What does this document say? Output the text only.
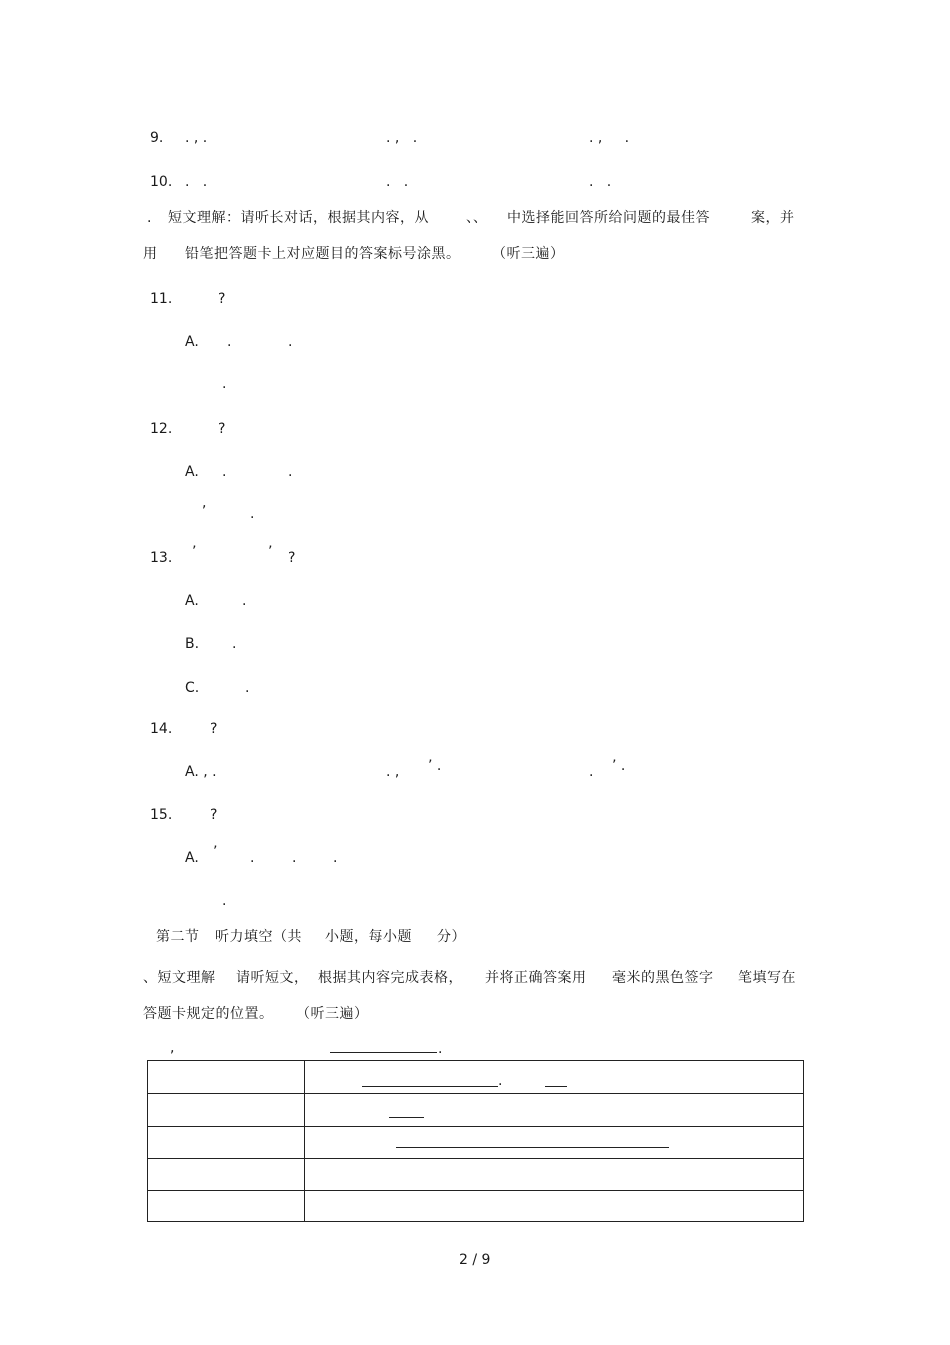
9. . , .	. ,   .	. ,     .
10. .   .	.   .	.   .
. 短文理解：请听长对话，根据其内容，从	、、 中选择能回答所给问题的最佳答	案，并
用 铅笔把答题卡上对应题目的答案标号涂黑。 （听三遍）
11.	?
A. .	.
.
12.	?
A. .	.
,
.
13. ’	’ ?
A.	.
B. .
C.	.
14.	?
A. , .	. , ’ .	. ’ .
15.	?
A. ’ .	.	.
.
第二节 听力填空（共 小题，每小题 分）
、短文理解 请听短文， 根据其内容完成表格， 并将正确答案用 毫米的黑色签字 笔填写在
答题卡规定的位置。 （听三遍）
,	.
.
2 / 9
